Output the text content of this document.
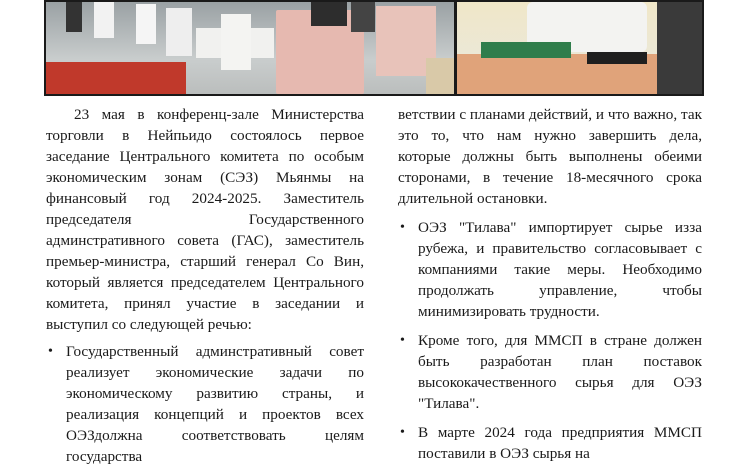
23 мая в конференц-зале Министерства торговли в Нейпьидо состоялось первое заседание Центрального комитета по особым экономическим зонам (СЭЗ) Мьянмы на финансовый год 2024-2025. Заместитель председателя Государственного админстративного совета (ГАС), заместитель премьер-министра, старший генерал Со Вин, который является председателем Центрального комитета, принял участие в заседании и выступил со следующей речью:

• Государственный админстративный совет реализует экономические задачи по экономическому развитию страны, и реализация концепций и проектов всех ОЭЗдолжна соответствовать целям государства

ветствии с планами действий, и что важно, так это то, что нам нужно завершить дела, которые должны быть выполнены обеими сторонами, в течение 18-месячного срока длительной остановки.

• ОЭЗ "Тилава" импортирует сырье изза рубежа, и правительство согласовывает с компаниями такие меры. Необходимо продолжать управление, чтобы минимизировать трудности.
• Кроме того, для ММСП в стране должен быть разработан план поставок высококачественного сырья для ОЭЗ "Тилава".
• В марте 2024 года предприятия ММСП поставили в ОЭЗ сырья на
